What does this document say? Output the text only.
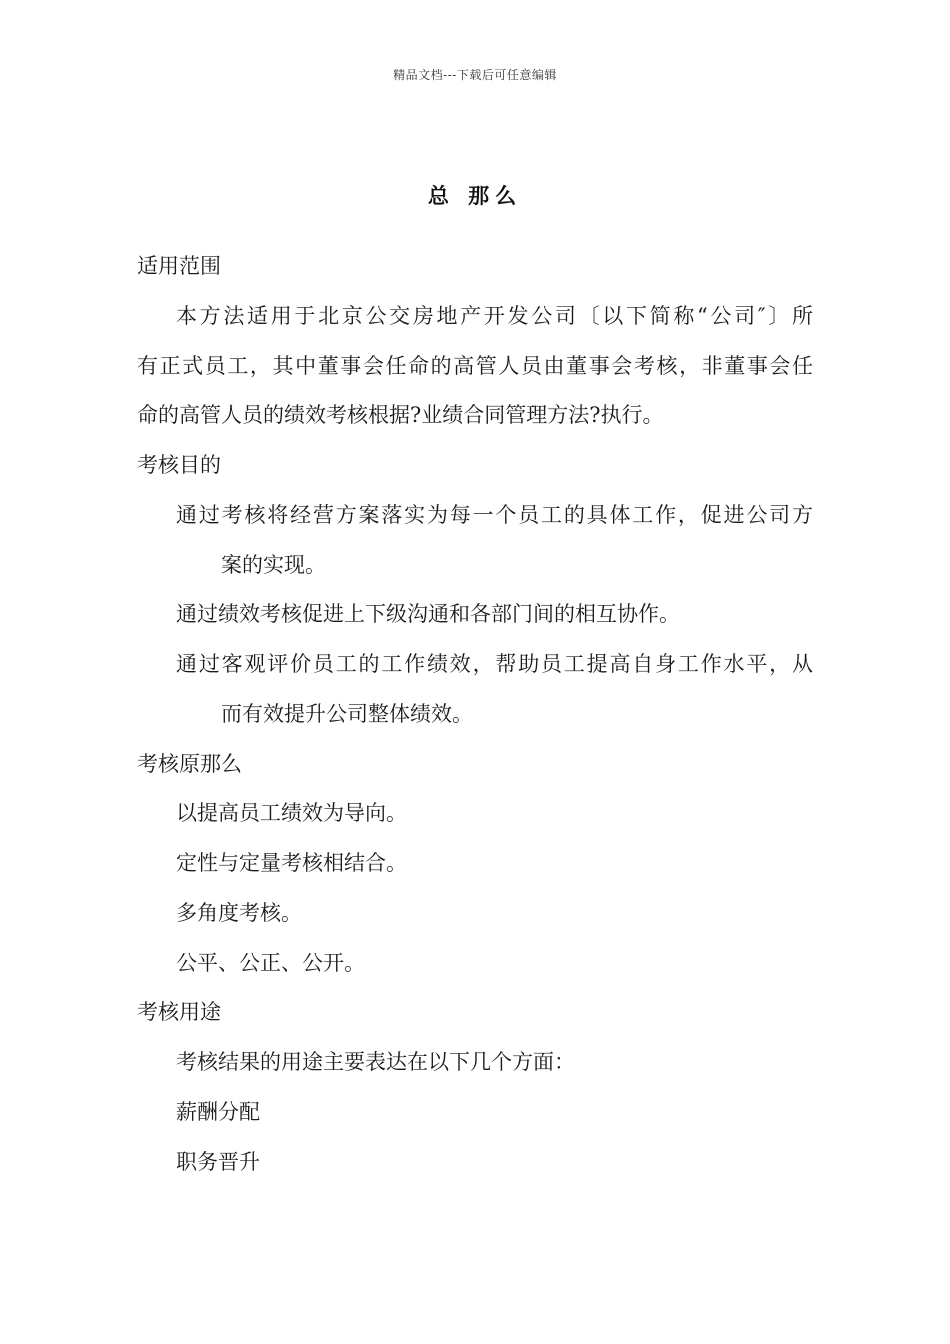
精品文档---下载后可任意编辑
总 那么
适用范围
本方法适用于北京公交房地产开发公司〔以下简称“公司″〕所
有正式员工，其中董事会任命的高管人员由董事会考核，非董事会任
命的高管人员的绩效考核根据?业绩合同管理方法?执行。
考核目的
通过考核将经营方案落实为每一个员工的具体工作，促进公司方
案的实现。
通过绩效考核促进上下级沟通和各部门间的相互协作。
通过客观评价员工的工作绩效，帮助员工提高自身工作水平，从
而有效提升公司整体绩效。
考核原那么
以提高员工绩效为导向。
定性与定量考核相结合。
多角度考核。
公平、公正、公开。
考核用途
考核结果的用途主要表达在以下几个方面：
薪酬分配
职务晋升
